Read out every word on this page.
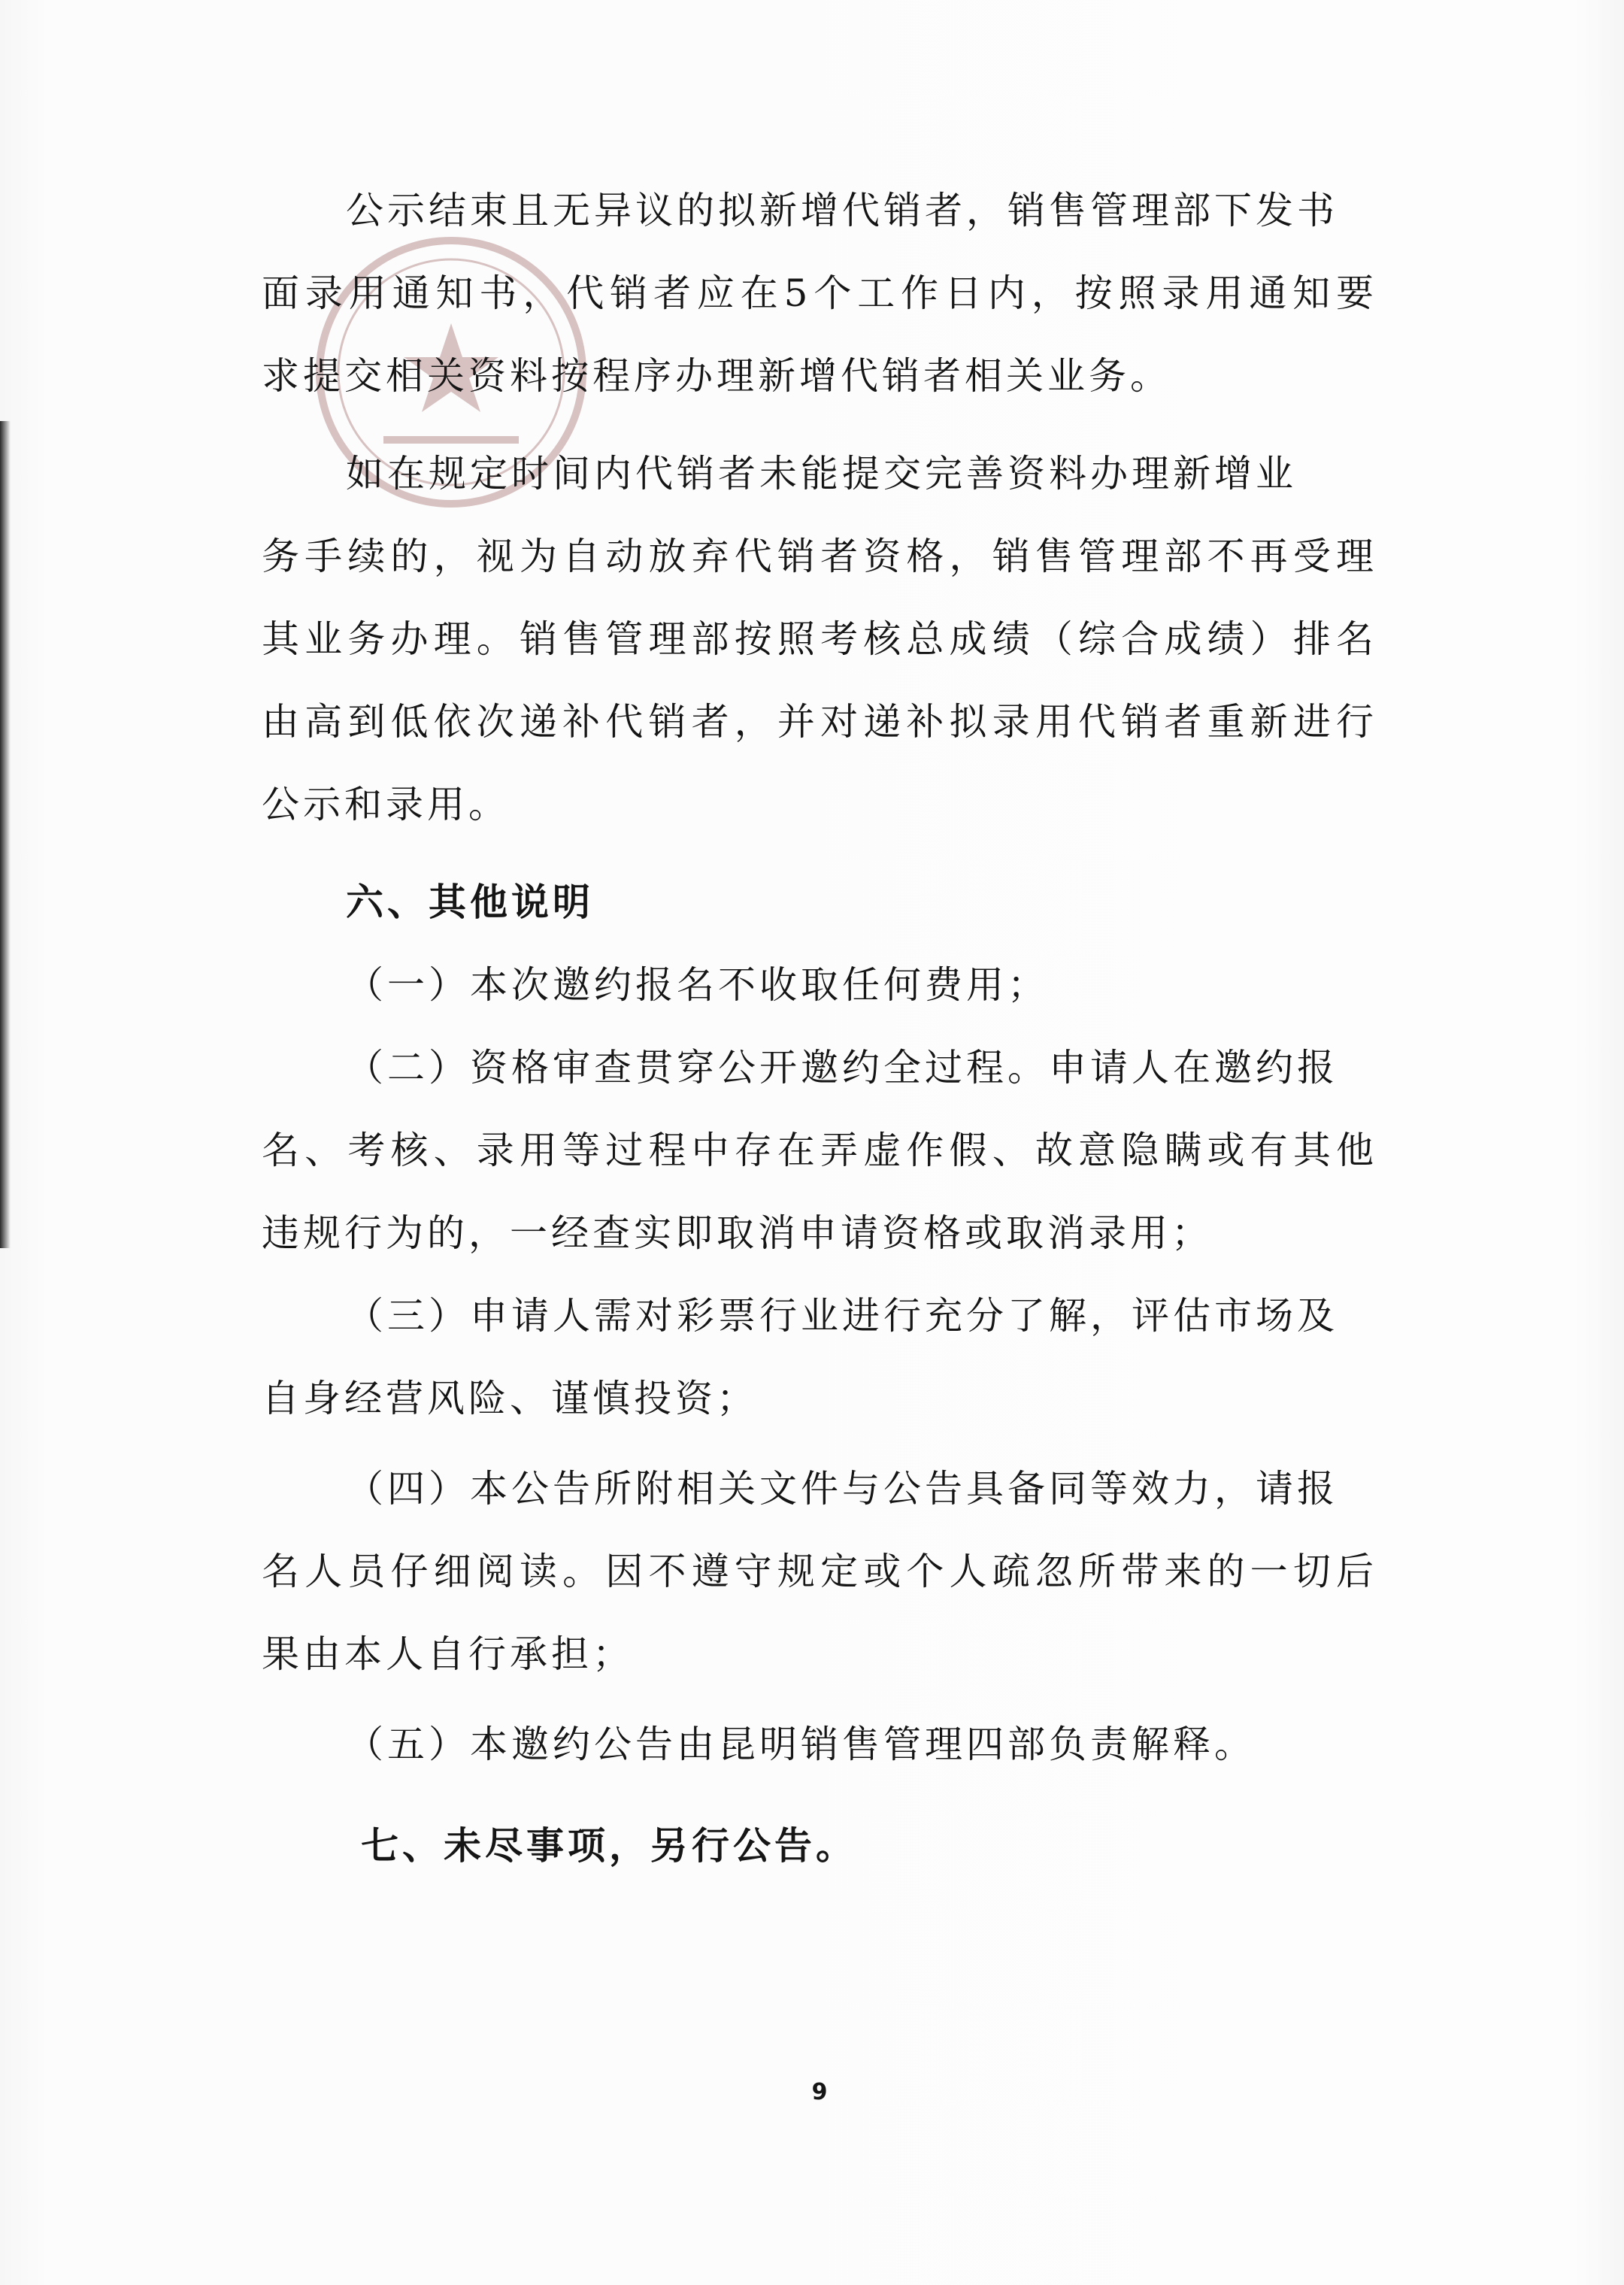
公示结束且无异议的拟新增代销者，销售管理部下发书
面录用通知书，代销者应在5个工作日内，按照录用通知要
求提交相关资料按程序办理新增代销者相关业务。
如在规定时间内代销者未能提交完善资料办理新增业
务手续的，视为自动放弃代销者资格，销售管理部不再受理
其业务办理。销售管理部按照考核总成绩（综合成绩）排名
由高到低依次递补代销者，并对递补拟录用代销者重新进行
公示和录用。
六、其他说明
（一）本次邀约报名不收取任何费用；
（二）资格审查贯穿公开邀约全过程。申请人在邀约报
名、考核、录用等过程中存在弄虚作假、故意隐瞒或有其他
违规行为的，一经查实即取消申请资格或取消录用；
（三）申请人需对彩票行业进行充分了解，评估市场及
自身经营风险、谨慎投资；
（四）本公告所附相关文件与公告具备同等效力，请报
名人员仔细阅读。因不遵守规定或个人疏忽所带来的一切后
果由本人自行承担；
（五）本邀约公告由昆明销售管理四部负责解释。
七、未尽事项，另行公告。
9
